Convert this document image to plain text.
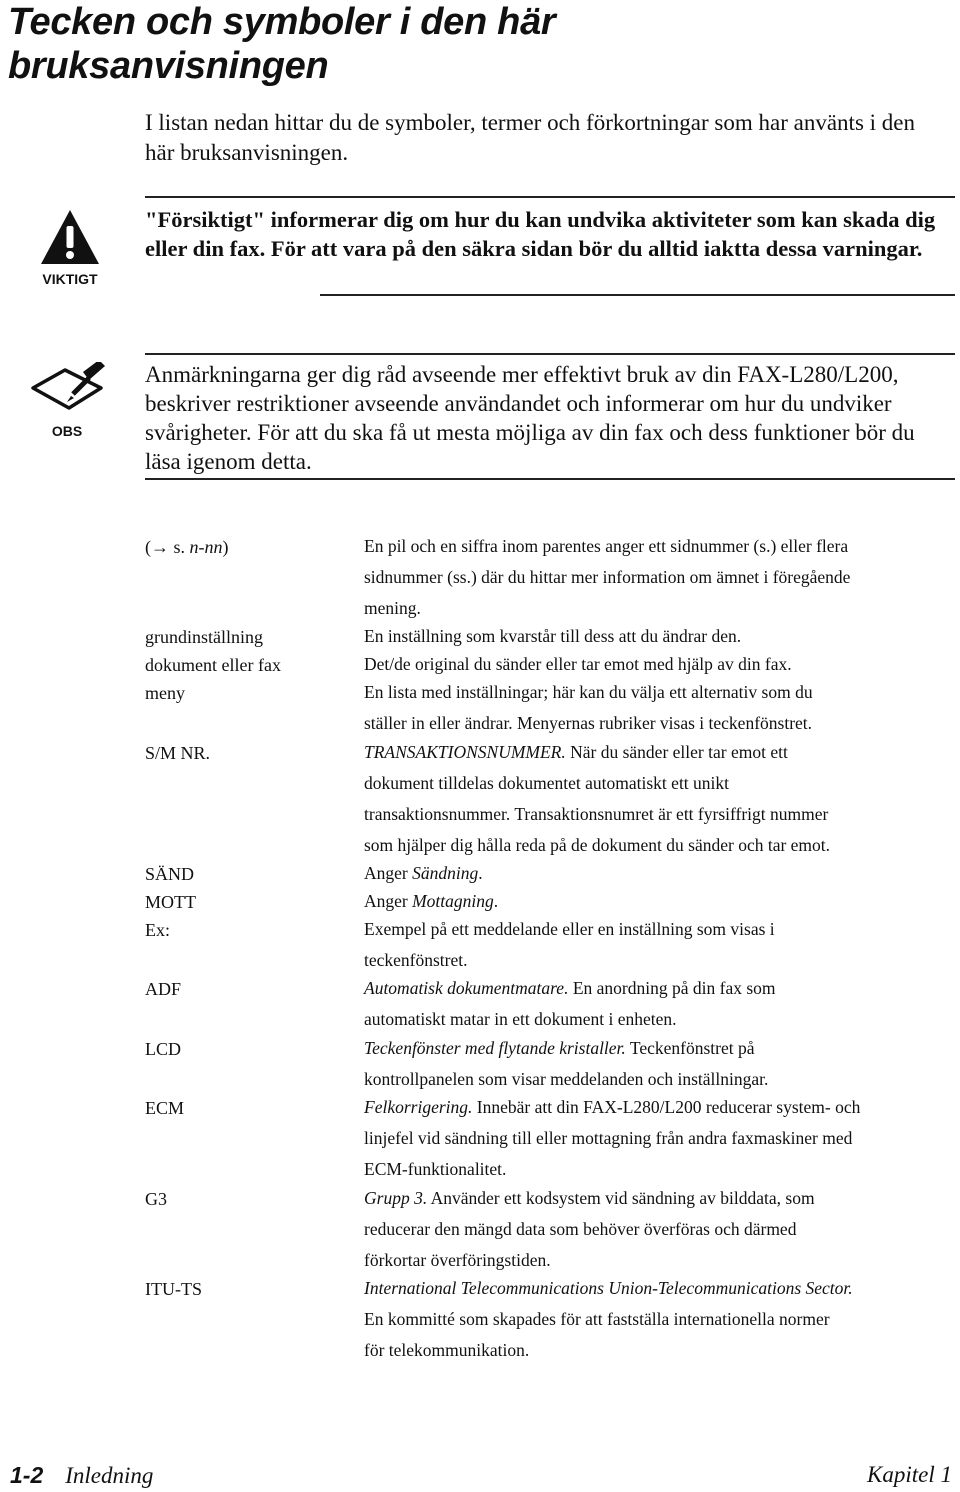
Tecken och symboler i den här
bruksanvisningen
I listan nedan hittar du de symboler, termer och förkortningar som har använts i den här bruksanvisningen.
VIKTIGT
"Försiktigt" informerar dig om hur du kan undvika aktiviteter som kan skada dig eller din fax. För att vara på den säkra sidan bör du alltid iaktta dessa varningar.
OBS
Anmärkningarna ger dig råd avseende mer effektivt bruk av din FAX-L280/L200, beskriver restriktioner avseende användandet och informerar om hur du undviker svårigheter. För att du ska få ut mesta möjliga av din fax och dess funktioner bör du läsa igenom detta.
(→ s. n-nn)	En pil och en siffra inom parentes anger ett sidnummer (s.) eller flera
sidnummer (ss.) där du hittar mer information om ämnet i föregående
mening.
grundinställning	En inställning som kvarstår till dess att du ändrar den.
dokument eller fax	Det/de original du sänder eller tar emot med hjälp av din fax.
meny	En lista med inställningar; här kan du välja ett alternativ som du
ställer in eller ändrar. Menyernas rubriker visas i teckenfönstret.
S/M NR.	TRANSAKTIONSNUMMER. När du sänder eller tar emot ett
dokument tilldelas dokumentet automatiskt ett unikt
transaktionsnummer. Transaktionsnumret är ett fyrsiffrigt nummer
som hjälper dig hålla reda på de dokument du sänder och tar emot.
SÄND	Anger Sändning.
MOTT	Anger Mottagning.
Ex:	Exempel på ett meddelande eller en inställning som visas i
teckenfönstret.
ADF	Automatisk dokumentmatare. En anordning på din fax som
automatiskt matar in ett dokument i enheten.
LCD	Teckenfönster med flytande kristaller. Teckenfönstret på
kontrollpanelen som visar meddelanden och inställningar.
ECM	Felkorrigering. Innebär att din FAX-L280/L200 reducerar system- och
linjefel vid sändning till eller mottagning från andra faxmaskiner med
ECM-funktionalitet.
G3	Grupp 3. Använder ett kodsystem vid sändning av bilddata, som
reducerar den mängd data som behöver överföras och därmed
förkortar överföringstiden.
ITU-TS	International Telecommunications Union-Telecommunications Sector.
En kommitté som skapades för att fastställa internationella normer
för telekommunikation.
1-2 Inledning	Kapitel 1
